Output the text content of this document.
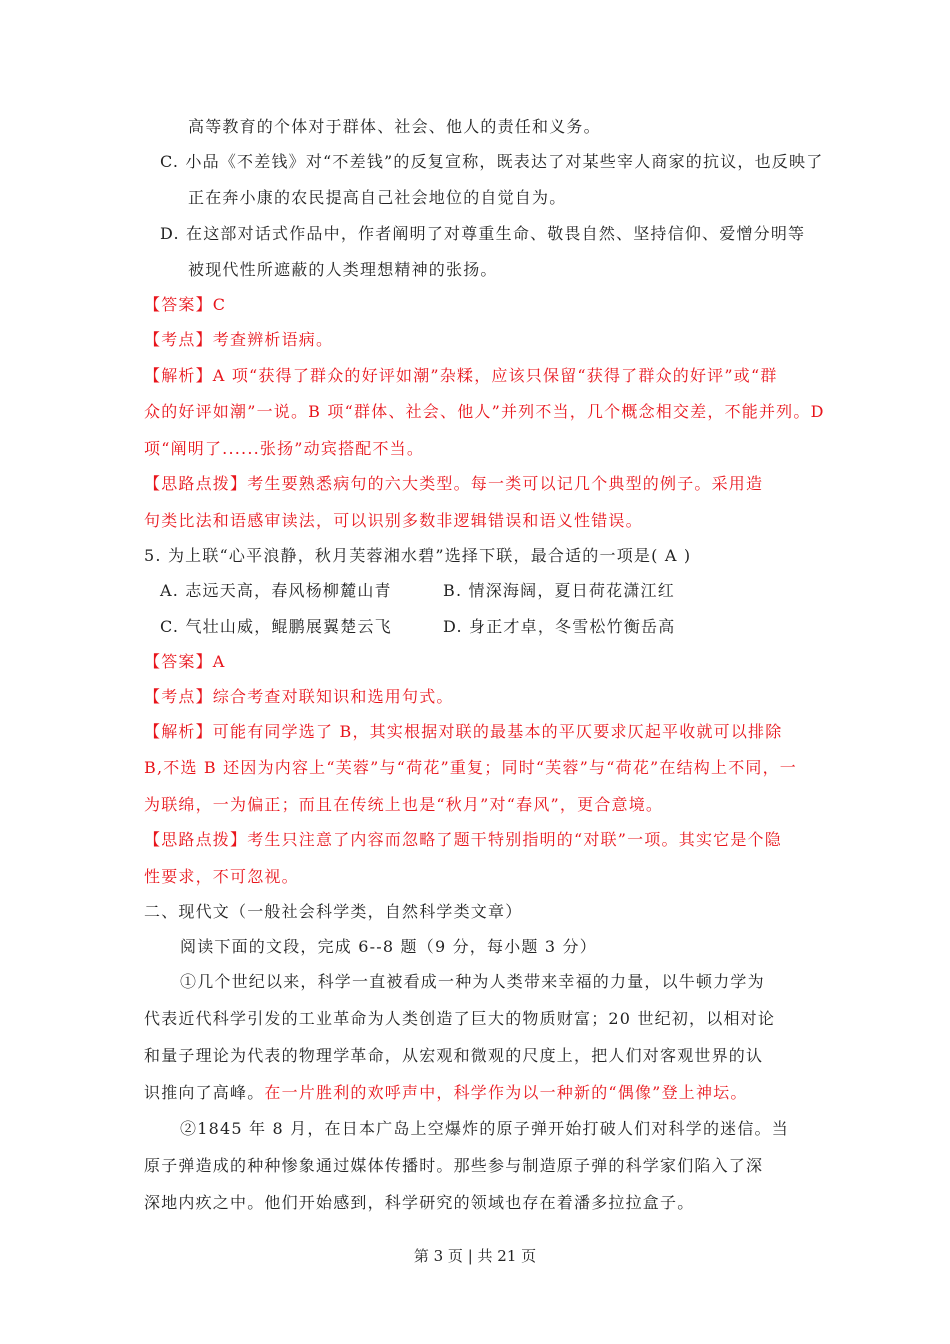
高等教育的个体对于群体、社会、他人的责任和义务。
C. 小品《不差钱》对“不差钱”的反复宣称，既表达了对某些宰人商家的抗议，也反映了
正在奔小康的农民提高自己社会地位的自觉自为。
D. 在这部对话式作品中，作者阐明了对尊重生命、敬畏自然、坚持信仰、爱憎分明等
被现代性所遮蔽的人类理想精神的张扬。
【答案】C
【考点】考查辨析语病。
【解析】A 项“获得了群众的好评如潮”杂糅，应该只保留“获得了群众的好评”或“群
众的好评如潮”一说。B 项“群体、社会、他人”并列不当，几个概念相交差，不能并列。D
项“阐明了......张扬”动宾搭配不当。
【思路点拨】考生要熟悉病句的六大类型。每一类可以记几个典型的例子。采用造
句类比法和语感审读法，可以识别多数非逻辑错误和语义性错误。
5. 为上联“心平浪静，秋月芙蓉湘水碧”选择下联，最合适的一项是( A )
A. 志远天高，春风杨柳麓山青	B. 情深海阔，夏日荷花潇江红
C. 气壮山威，鲲鹏展翼楚云飞	D. 身正才卓，冬雪松竹衡岳高
【答案】A
【考点】综合考查对联知识和选用句式。
【解析】可能有同学选了 B，其实根据对联的最基本的平仄要求仄起平收就可以排除
B,不选 B 还因为内容上“芙蓉”与“荷花”重复；同时“芙蓉”与“荷花”在结构上不同，一
为联绵，一为偏正；而且在传统上也是“秋月”对“春风”，更合意境。
【思路点拨】考生只注意了内容而忽略了题干特别指明的“对联”一项。其实它是个隐
性要求，不可忽视。
二、现代文（一般社会科学类，自然科学类文章）
阅读下面的文段，完成 6--8 题（9 分，每小题 3 分）
①几个世纪以来，科学一直被看成一种为人类带来幸福的力量，以牛顿力学为
代表近代科学引发的工业革命为人类创造了巨大的物质财富；20 世纪初，以相对论
和量子理论为代表的物理学革命，从宏观和微观的尺度上，把人们对客观世界的认
识推向了高峰。在一片胜利的欢呼声中，科学作为以一种新的“偶像”登上神坛。
②1845 年 8 月，在日本广岛上空爆炸的原子弹开始打破人们对科学的迷信。当
原子弹造成的种种惨象通过媒体传播时。那些参与制造原子弹的科学家们陷入了深
深地内疚之中。他们开始感到，科学研究的领域也存在着潘多拉拉盒子。
第 3 页 | 共 21 页
